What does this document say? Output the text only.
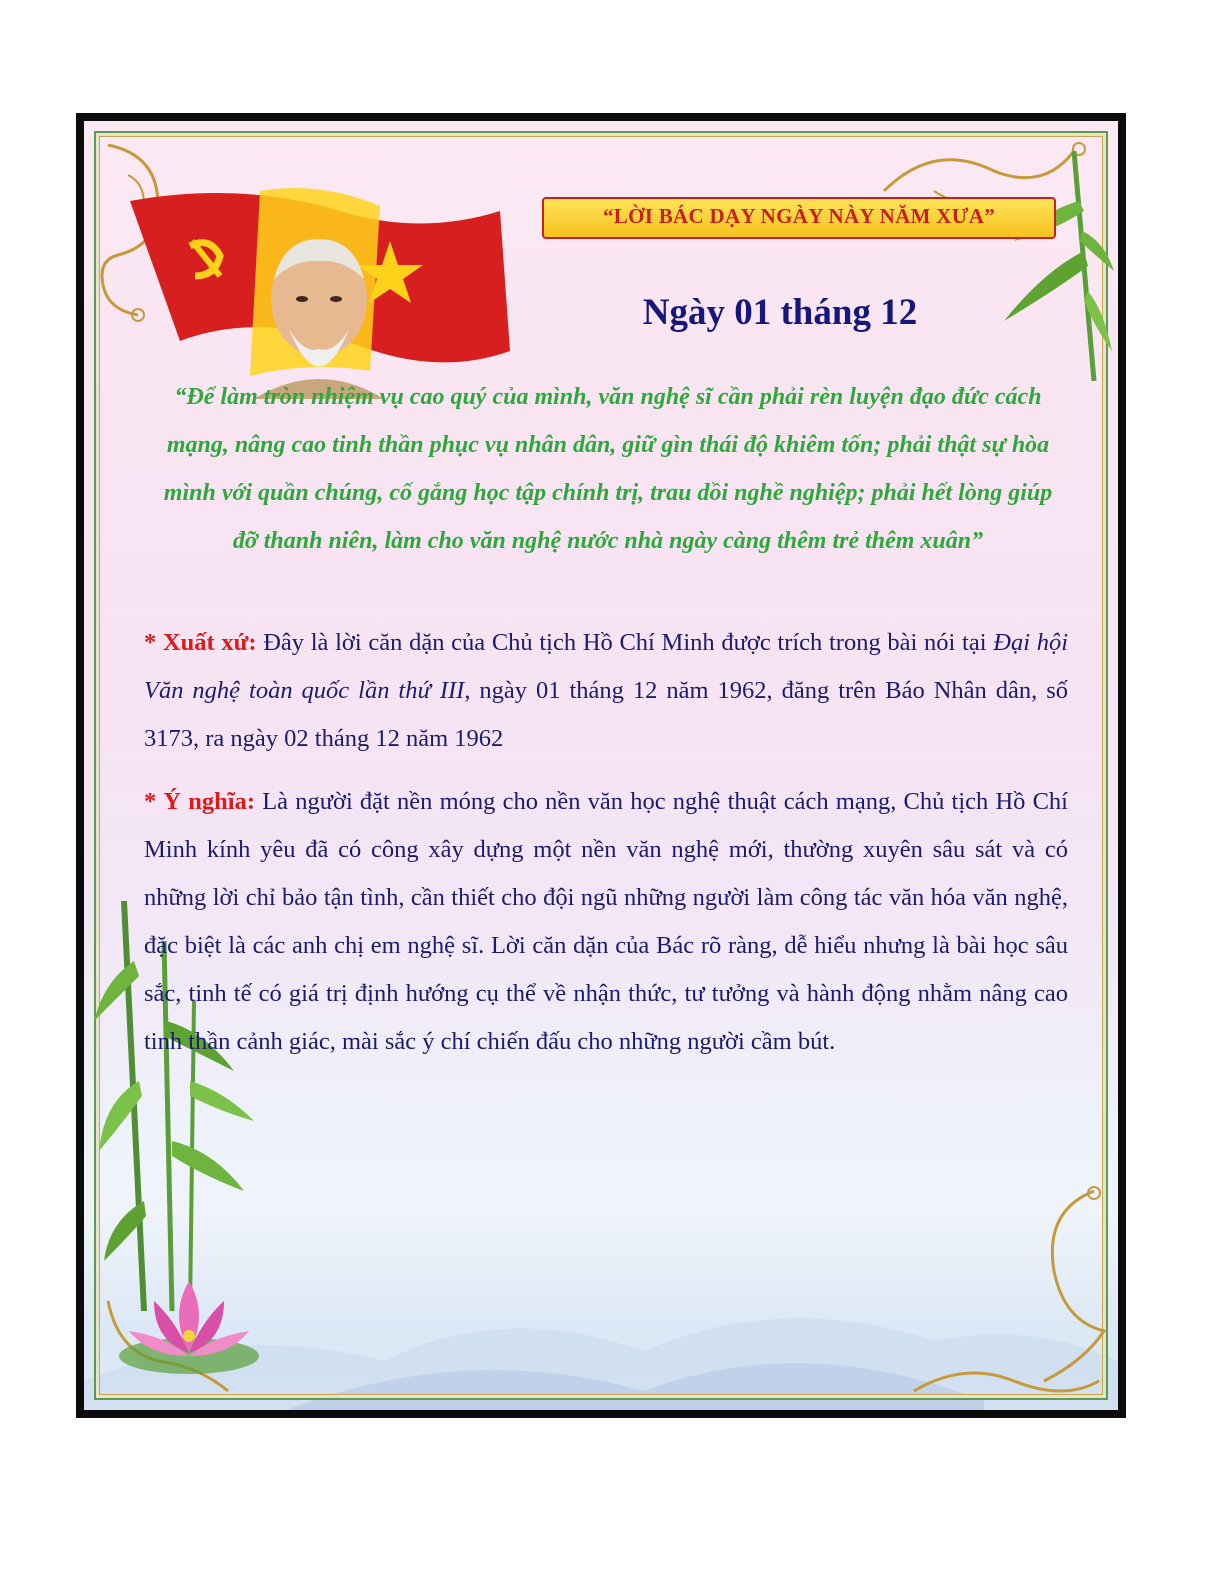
“LỜI BÁC DẠY NGÀY NÀY NĂM XƯA”
Ngày 01 tháng 12
“Để làm tròn nhiệm vụ cao quý của mình, văn nghệ sĩ cần phải rèn luyện đạo đức cách mạng, nâng cao tinh thần phục vụ nhân dân, giữ gìn thái độ khiêm tốn; phải thật sự hòa mình với quần chúng, cố gắng học tập chính trị, trau dồi nghề nghiệp; phải hết lòng giúp đỡ thanh niên, làm cho văn nghệ nước nhà ngày càng thêm trẻ thêm xuân”
* Xuất xứ: Đây là lời căn dặn của Chủ tịch Hồ Chí Minh được trích trong bài nói tại Đại hội Văn nghệ toàn quốc lần thứ III, ngày 01 tháng 12 năm 1962, đăng trên Báo Nhân dân, số 3173, ra ngày 02 tháng 12 năm 1962
* Ý nghĩa: Là người đặt nền móng cho nền văn học nghệ thuật cách mạng, Chủ tịch Hồ Chí Minh kính yêu đã có công xây dựng một nền văn nghệ mới, thường xuyên sâu sát và có những lời chỉ bảo tận tình, cần thiết cho đội ngũ những người làm công tác văn hóa văn nghệ, đặc biệt là các anh chị em nghệ sĩ. Lời căn dặn của Bác rõ ràng, dễ hiểu nhưng là bài học sâu sắc, tinh tế có giá trị định hướng cụ thể về nhận thức, tư tưởng và hành động nhằm nâng cao tinh thần cảnh giác, mài sắc ý chí chiến đấu cho những người cầm bút.
